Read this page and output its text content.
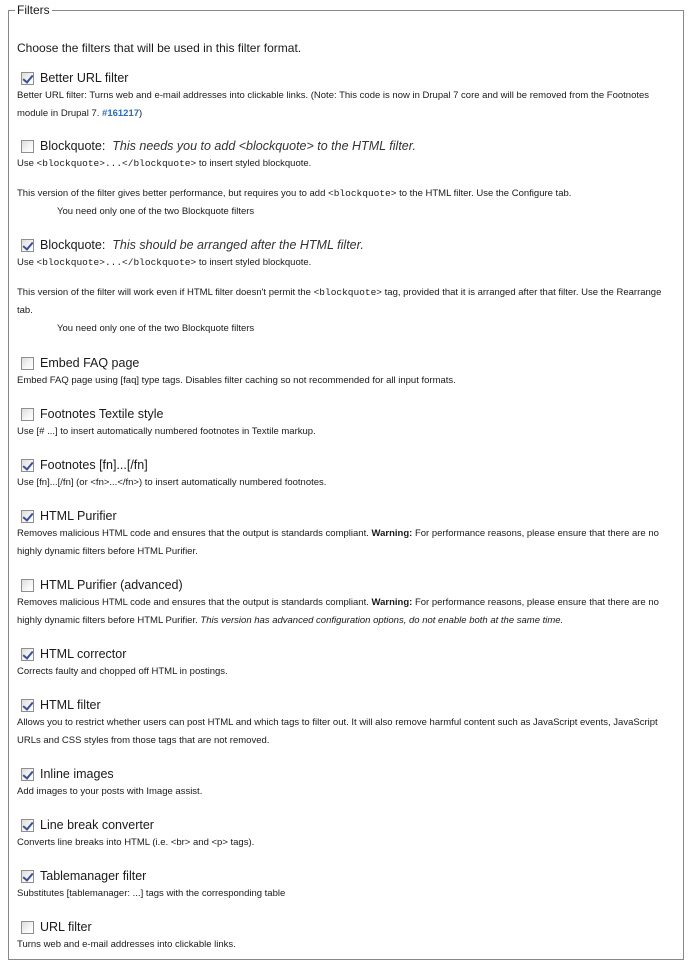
Filters

Choose the filters that will be used in this filter format.

Better URL filter

Better URL filter: Turns web and e-mail addresses into clickable links. (Note: This code is now in Drupal 7 core and will be removed from the Footnotes module in Drupal 7. #161217)

Blockquote: This needs you to add <blockquote> to the HTML filter.

Use <blockquote>...</blockquote> to insert styled blockquote.

This version of the filter gives better performance, but requires you to add <blockquote> to the HTML filter. Use the Configure tab.

You need only one of the two Blockquote filters

Blockquote: This should be arranged after the HTML filter.

Use <blockquote>...</blockquote> to insert styled blockquote.

This version of the filter will work even if HTML filter doesn't permit the <blockquote> tag, provided that it is arranged after that filter. Use the Rearrange tab.

You need only one of the two Blockquote filters

Embed FAQ page

Embed FAQ page using [faq] type tags. Disables filter caching so not recommended for all input formats.

Footnotes Textile style

Use [# ...] to insert automatically numbered footnotes in Textile markup.

Footnotes [fn]...[/fn]

Use [fn]...[/fn] (or <fn>...</fn>) to insert automatically numbered footnotes.

HTML Purifier

Removes malicious HTML code and ensures that the output is standards compliant. Warning: For performance reasons, please ensure that there are no highly dynamic filters before HTML Purifier.

HTML Purifier (advanced)

Removes malicious HTML code and ensures that the output is standards compliant. Warning: For performance reasons, please ensure that there are no highly dynamic filters before HTML Purifier. This version has advanced configuration options, do not enable both at the same time.

HTML corrector

Corrects faulty and chopped off HTML in postings.

HTML filter

Allows you to restrict whether users can post HTML and which tags to filter out. It will also remove harmful content such as JavaScript events, JavaScript URLs and CSS styles from those tags that are not removed.

Inline images

Add images to your posts with Image assist.

Line break converter

Converts line breaks into HTML (i.e. <br> and <p> tags).

Tablemanager filter

Substitutes [tablemanager: ...] tags with the corresponding table

URL filter

Turns web and e-mail addresses into clickable links.
